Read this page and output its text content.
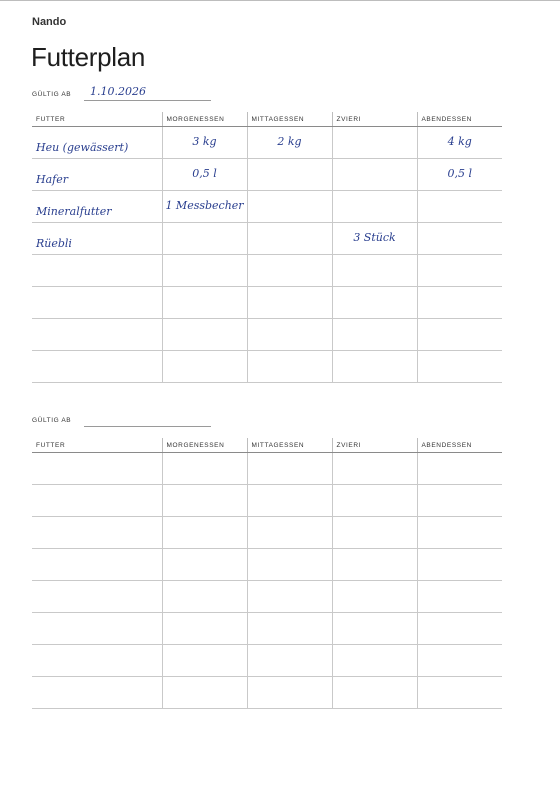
Nando
Futterplan
GÜLTIG AB 1.10.2026
FUTTER	MORGENESSEN	MITTAGESSEN	ZVIERI	ABENDESSEN
$_{Heu (gewässert)}$	3 kg	2 kg		4 kg
$_{Hafer}$	0,5 l			0,5 l
$_{Mineralfutter}$	1 Messbecher			
$_{Rüebli}$			3 Stück	

GÜLTIG AB
FUTTER	MORGENESSEN	MITTAGESSEN	ZVIERI	ABENDESSEN
